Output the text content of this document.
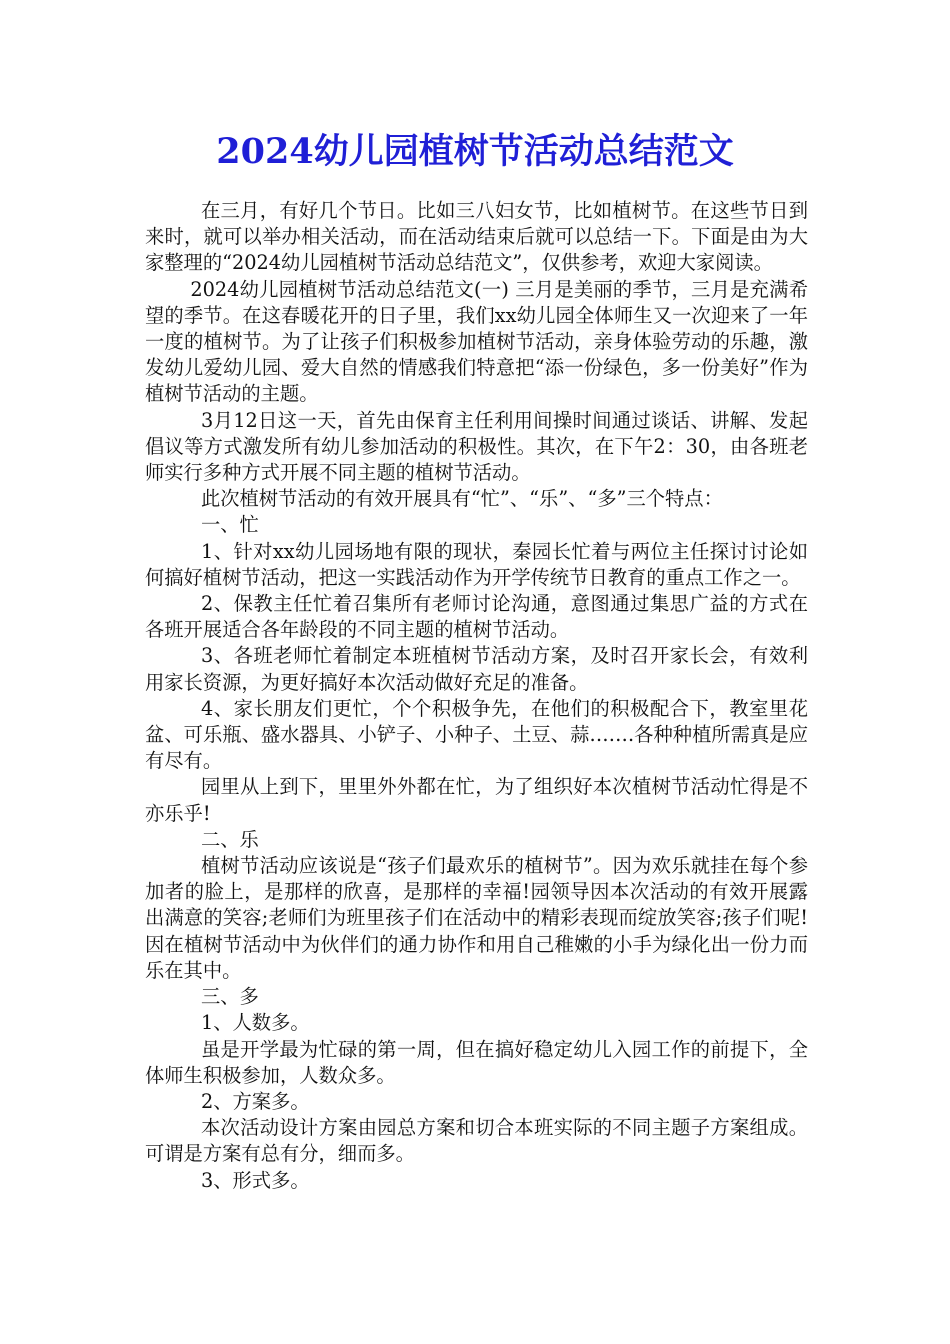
2024幼儿园植树节活动总结范文

在三月，有好几个节日。比如三八妇女节，比如植树节。在这些节日到来时，就可以举办相关活动，而在活动结束后就可以总结一下。下面是由为大家整理的“2024幼儿园植树节活动总结范文”，仅供参考，欢迎大家阅读。

2024幼儿园植树节活动总结范文(一) 三月是美丽的季节，三月是充满希望的季节。在这春暖花开的日子里，我们xx幼儿园全体师生又一次迎来了一年一度的植树节。为了让孩子们积极参加植树节活动，亲身体验劳动的乐趣，激发幼儿爱幼儿园、爱大自然的情感我们特意把“添一份绿色，多一份美好”作为植树节活动的主题。

3月12日这一天，首先由保育主任利用间操时间通过谈话、讲解、发起倡议等方式激发所有幼儿参加活动的积极性。其次，在下午2：30，由各班老师实行多种方式开展不同主题的植树节活动。

此次植树节活动的有效开展具有“忙”、“乐”、“多”三个特点：

一、忙

1、针对xx幼儿园场地有限的现状，秦园长忙着与两位主任探讨讨论如何搞好植树节活动，把这一实践活动作为开学传统节日教育的重点工作之一。

2、保教主任忙着召集所有老师讨论沟通，意图通过集思广益的方式在各班开展适合各年龄段的不同主题的植树节活动。

3、各班老师忙着制定本班植树节活动方案，及时召开家长会，有效利用家长资源，为更好搞好本次活动做好充足的准备。

4、家长朋友们更忙，个个积极争先，在他们的积极配合下，教室里花盆、可乐瓶、盛水器具、小铲子、小种子、土豆、蒜…….各种种植所需真是应有尽有。

园里从上到下，里里外外都在忙，为了组织好本次植树节活动忙得是不亦乐乎!

二、乐

植树节活动应该说是“孩子们最欢乐的植树节”。因为欢乐就挂在每个参加者的脸上，是那样的欣喜，是那样的幸福!园领导因本次活动的有效开展露出满意的笑容;老师们为班里孩子们在活动中的精彩表现而绽放笑容;孩子们呢!因在植树节活动中为伙伴们的通力协作和用自己稚嫩的小手为绿化出一份力而乐在其中。

三、多

1、人数多。

虽是开学最为忙碌的第一周，但在搞好稳定幼儿入园工作的前提下，全体师生积极参加，人数众多。

2、方案多。

本次活动设计方案由园总方案和切合本班实际的不同主题子方案组成。可谓是方案有总有分，细而多。

3、形式多。
